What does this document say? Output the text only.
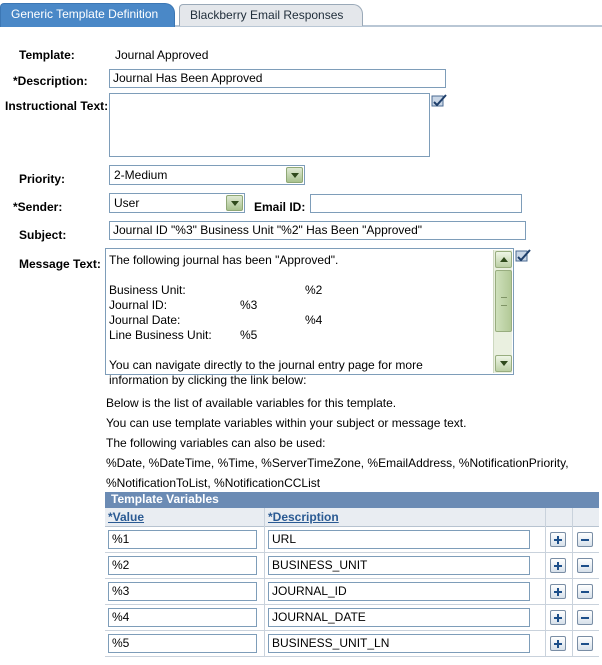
Generic Template Definition	Blackberry Email Responses
Template:	Journal Approved
*Description:	Journal Has Been Approved
Instructional Text:
Priority:	2-Medium
*Sender:	User	Email ID:
Subject:	Journal ID "%3" Business Unit "%2" Has Been "Approved"
Message Text: The following journal has been "Approved".
Business Unit:	%2
Journal ID:	%3
Journal Date:	%4
Line Business Unit: %5
You can navigate directly to the journal entry page for more
information by clicking the link below:
Below is the list of available variables for this template.
You can use template variables within your subject or message text.
The following variables can also be used:
%Date, %DateTime, %Time, %ServerTimeZone, %EmailAddress, %NotificationPriority,
%NotificationToList, %NotificationCCList
Template Variables
*Value	*Description
%1	URL
%2	BUSINESS_UNIT
%3	JOURNAL_ID
%4	JOURNAL_DATE
%5	BUSINESS_UNIT_LN
